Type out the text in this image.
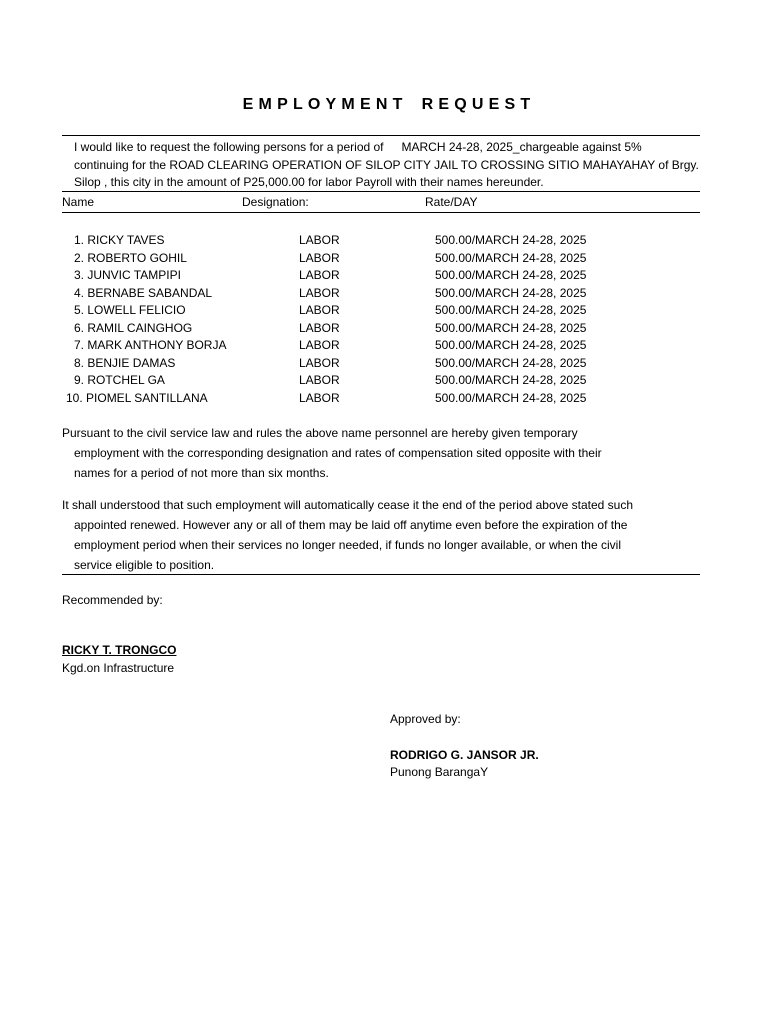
EMPLOYMENT REQUEST
I would like to request the following persons for a period of MARCH 24-28, 2025_chargeable against 5%
continuing for the ROAD CLEARING OPERATION OF SILOP CITY JAIL TO CROSSING SITIO MAHAYAHAY of Brgy.
Silop , this city in the amount of P25,000.00 for labor Payroll with their names hereunder.
Name	Designation:	Rate/DAY
1. RICKY TAVES	LABOR	500.00/MARCH 24-28, 2025
2. ROBERTO GOHIL	LABOR	500.00/MARCH 24-28, 2025
3. JUNVIC TAMPIPI	LABOR	500.00/MARCH 24-28, 2025
4. BERNABE SABANDAL	LABOR	500.00/MARCH 24-28, 2025
5. LOWELL FELICIO	LABOR	500.00/MARCH 24-28, 2025
6. RAMIL CAINGHOG	LABOR	500.00/MARCH 24-28, 2025
7. MARK ANTHONY BORJA	LABOR	500.00/MARCH 24-28, 2025
8. BENJIE DAMAS	LABOR	500.00/MARCH 24-28, 2025
9. ROTCHEL GA	LABOR	500.00/MARCH 24-28, 2025
10. PIOMEL SANTILLANA	LABOR	500.00/MARCH 24-28, 2025
Pursuant to the civil service law and rules the above name personnel are hereby given temporary
employment with the corresponding designation and rates of compensation sited opposite with their
names for a period of not more than six months.
It shall understood that such employment will automatically cease it the end of the period above stated such
appointed renewed. However any or all of them may be laid off anytime even before the expiration of the
employment period when their services no longer needed, if funds no longer available, or when the civil
service eligible to position.
Recommended by:
RICKY T. TRONGCO
Kgd.on Infrastructure
Approved by:
RODRIGO G. JANSOR JR.
Punong BarangaY
